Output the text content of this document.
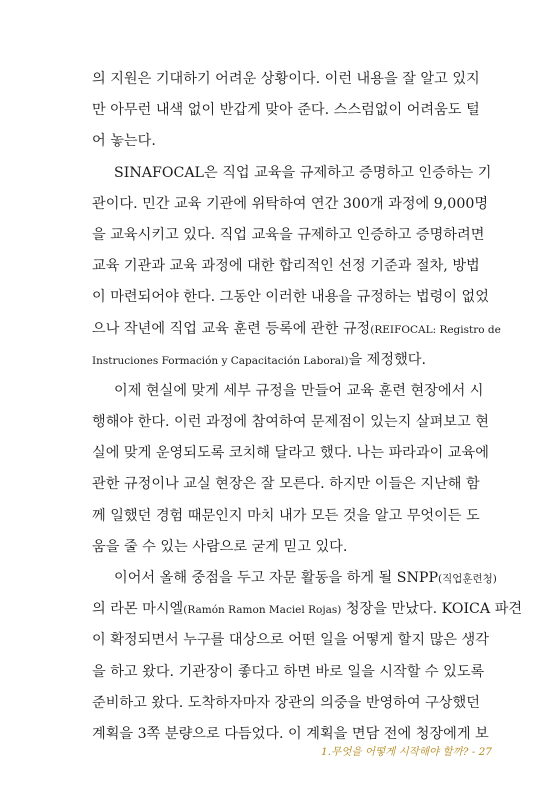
의 지원은 기대하기 어려운 상황이다. 이런 내용을 잘 알고 있지
만 아무런 내색 없이 반갑게 맞아 준다. 스스럼없이 어려움도 털
어 놓는다.
SINAFOCAL은 직업 교육을 규제하고 증명하고 인증하는 기
관이다. 민간 교육 기관에 위탁하여 연간 300개 과정에 9,000명
을 교육시키고 있다. 직업 교육을 규제하고 인증하고 증명하려면
교육 기관과 교육 과정에 대한 합리적인 선정 기준과 절차, 방법
이 마련되어야 한다. 그동안 이러한 내용을 규정하는 법령이 없었
으나 작년에 직업 교육 훈련 등록에 관한 규정(REIFOCAL: Registro de
Instruciones Formación y Capacitación Laboral)을 제정했다.
이제 현실에 맞게 세부 규정을 만들어 교육 훈련 현장에서 시
행해야 한다. 이런 과정에 참여하여 문제점이 있는지 살펴보고 현
실에 맞게 운영되도록 코치해 달라고 했다. 나는 파라과이 교육에
관한 규정이나 교실 현장은 잘 모른다. 하지만 이들은 지난해 함
께 일했던 경험 때문인지 마치 내가 모든 것을 알고 무엇이든 도
움을 줄 수 있는 사람으로 굳게 믿고 있다.
이어서 올해 중점을 두고 자문 활동을 하게 될 SNPP(직업훈련청)
의 라몬 마시엘(Ramón Ramon Maciel Rojas) 청장을 만났다. KOICA 파견
이 확정되면서 누구를 대상으로 어떤 일을 어떻게 할지 많은 생각
을 하고 왔다. 기관장이 좋다고 하면 바로 일을 시작할 수 있도록
준비하고 왔다. 도착하자마자 장관의 의중을 반영하여 구상했던
계획을 3쪽 분량으로 다듬었다. 이 계획을 면담 전에 청장에게 보
1.무엇을 어떻게 시작해야 할까? - 27
